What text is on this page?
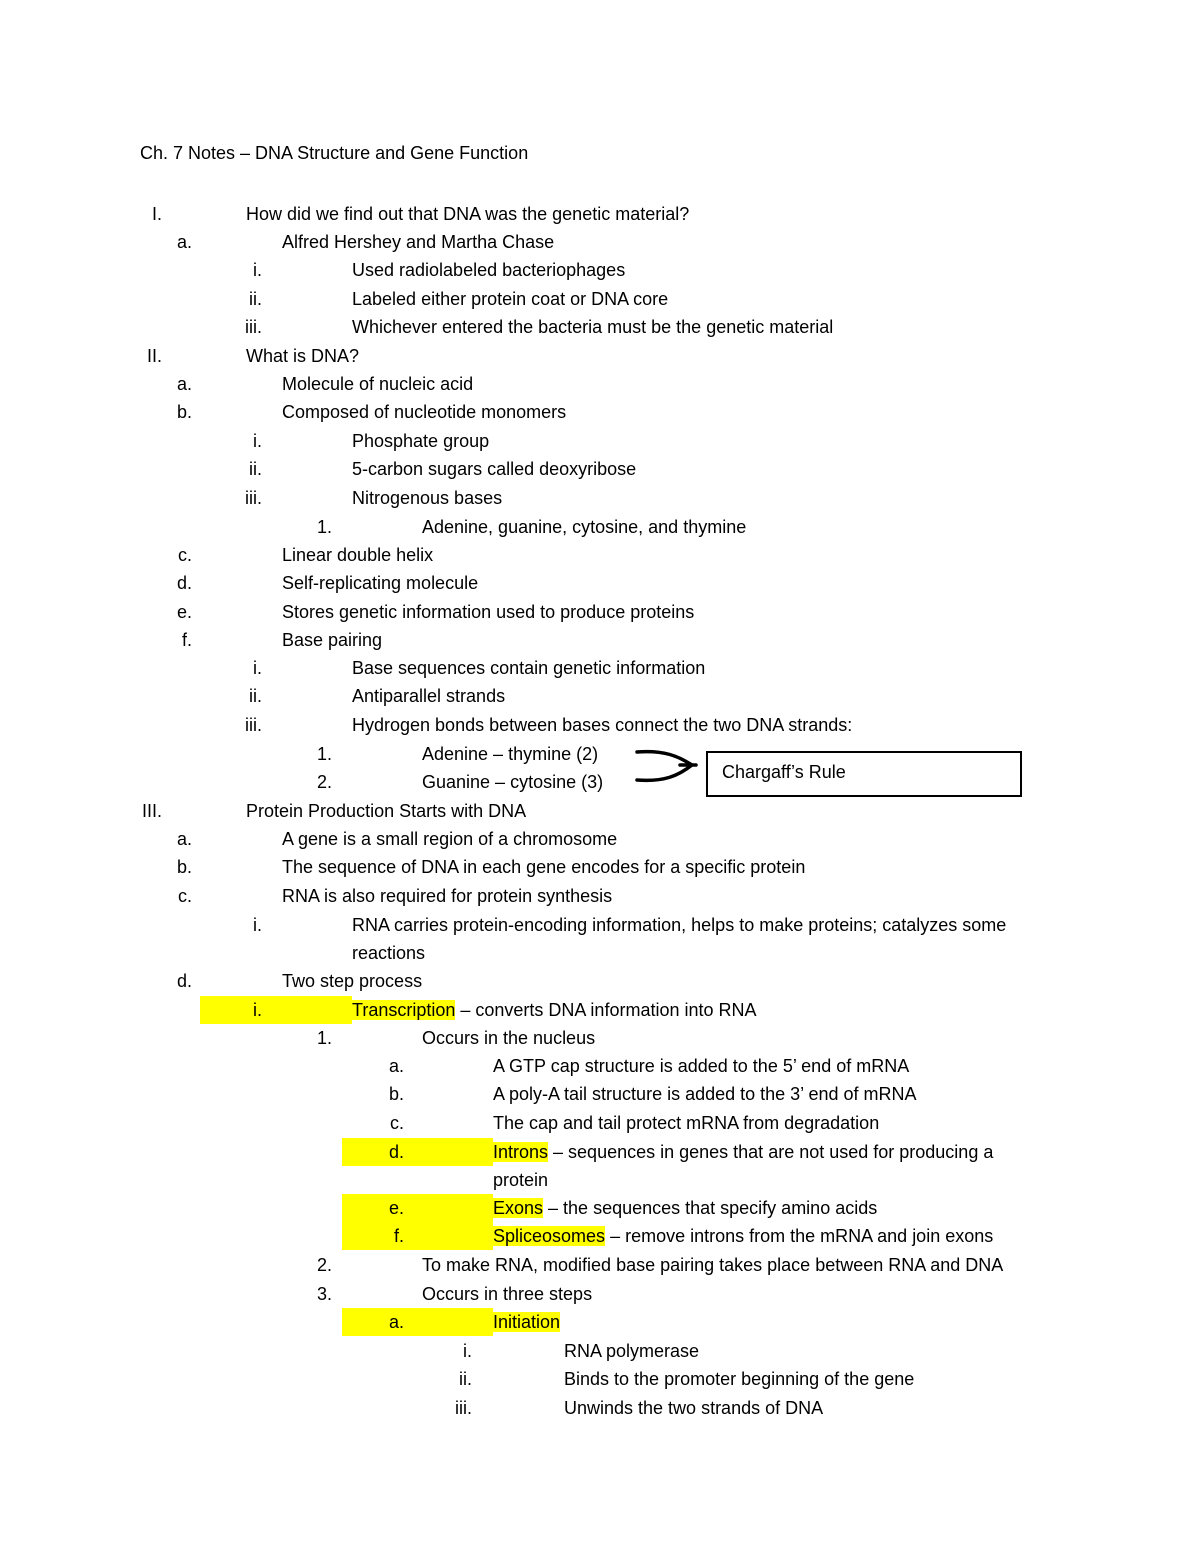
Ch. 7 Notes – DNA Structure and Gene Function
I.	How did we find out that DNA was the genetic material?
a.	Alfred Hershey and Martha Chase
i.	Used radiolabeled bacteriophages
ii.	Labeled either protein coat or DNA core
iii.	Whichever entered the bacteria must be the genetic material
II.	What is DNA?
a.	Molecule of nucleic acid
b.	Composed of nucleotide monomers
i.	Phosphate group
ii.	5-carbon sugars called deoxyribose
iii.	Nitrogenous bases
1.	Adenine, guanine, cytosine, and thymine
c.	Linear double helix
d.	Self-replicating molecule
e.	Stores genetic information used to produce proteins
f.	Base pairing
i.	Base sequences contain genetic information
ii.	Antiparallel strands
iii.	Hydrogen bonds between bases connect the two DNA strands:
1.	Adenine – thymine (2)
2.	Guanine – cytosine (3)
III.	Protein Production Starts with DNA
a.	A gene is a small region of a chromosome
b.	The sequence of DNA in each gene encodes for a specific protein
c.	RNA is also required for protein synthesis
i.	RNA carries protein-encoding information, helps to make proteins; catalyzes some reactions
d.	Two step process
i.	Transcription – converts DNA information into RNA
1.	Occurs in the nucleus
a.	A GTP cap structure is added to the 5’ end of mRNA
b.	A poly-A tail structure is added to the 3’ end of mRNA
c.	The cap and tail protect mRNA from degradation
d.	Introns – sequences in genes that are not used for producing a protein
e.	Exons – the sequences that specify amino acids
f.	Spliceosomes – remove introns from the mRNA and join exons
2.	To make RNA, modified base pairing takes place between RNA and DNA
3.	Occurs in three steps
a.	Initiation
i.	RNA polymerase
ii.	Binds to the promoter beginning of the gene
iii.	Unwinds the two strands of DNA
Chargaff’s Rule
